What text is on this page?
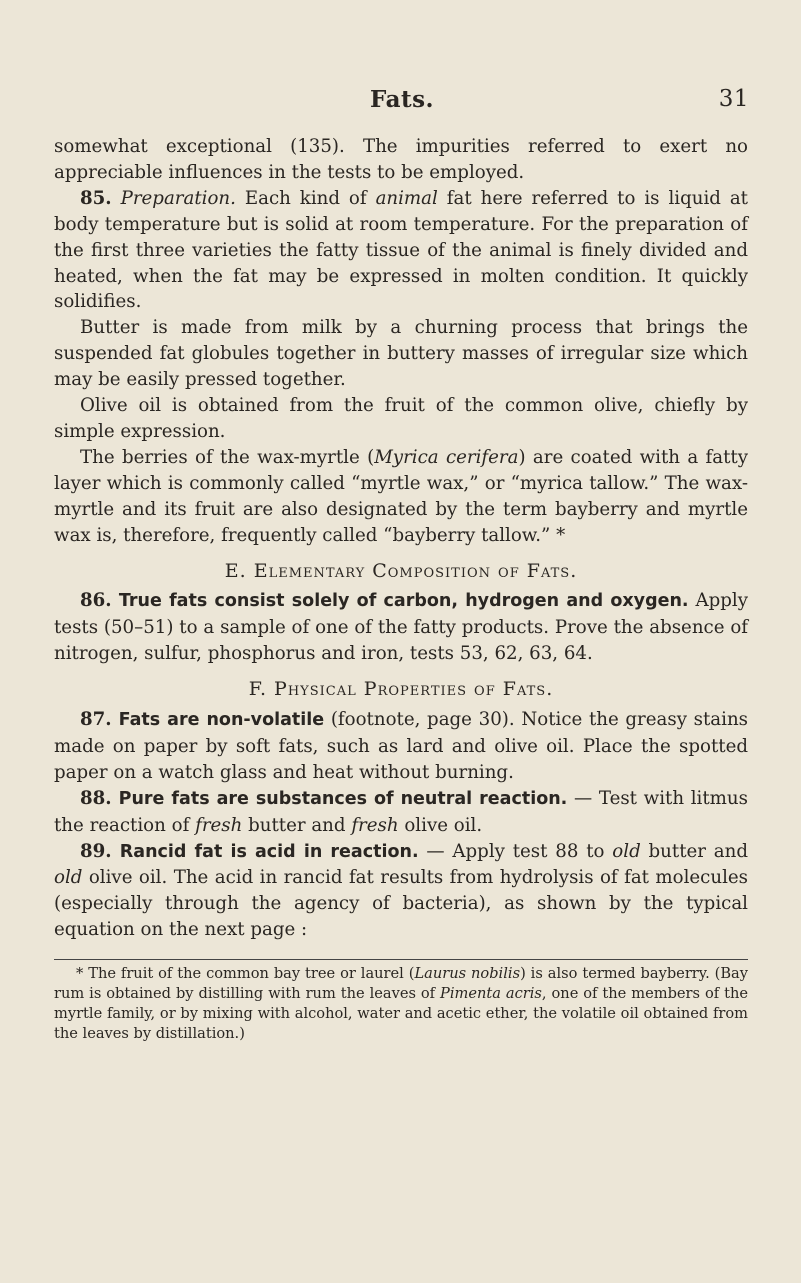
Fats.	31

somewhat exceptional (135). The impurities referred to exert no appreciable influences in the tests to be employed.

85. Preparation. Each kind of animal fat here referred to is liquid at body temperature but is solid at room temperature. For the preparation of the first three varieties the fatty tissue of the animal is finely divided and heated, when the fat may be expressed in molten condition. It quickly solidifies.

Butter is made from milk by a churning process that brings the suspended fat globules together in buttery masses of irregular size which may be easily pressed together.

Olive oil is obtained from the fruit of the common olive, chiefly by simple expression.

The berries of the wax-myrtle (Myrica cerifera) are coated with a fatty layer which is commonly called “myrtle wax,” or “myrica tallow.” The wax-myrtle and its fruit are also designated by the term bayberry and myrtle wax is, therefore, frequently called “bayberry tallow.” *

E. Elementary Composition of Fats.

86. True fats consist solely of carbon, hydrogen and oxygen. Apply tests (50–51) to a sample of one of the fatty products. Prove the absence of nitrogen, sulfur, phosphorus and iron, tests 53, 62, 63, 64.

F. Physical Properties of Fats.

87. Fats are non-volatile (footnote, page 30). Notice the greasy stains made on paper by soft fats, such as lard and olive oil. Place the spotted paper on a watch glass and heat without burning.

88. Pure fats are substances of neutral reaction. — Test with litmus the reaction of fresh butter and fresh olive oil.

89. Rancid fat is acid in reaction. — Apply test 88 to old butter and old olive oil. The acid in rancid fat results from hydrolysis of fat molecules (especially through the agency of bacteria), as shown by the typical equation on the next page :

* The fruit of the common bay tree or laurel (Laurus nobilis) is also termed bayberry. (Bay rum is obtained by distilling with rum the leaves of Pimenta acris, one of the members of the myrtle family, or by mixing with alcohol, water and acetic ether, the volatile oil obtained from the leaves by distillation.)
